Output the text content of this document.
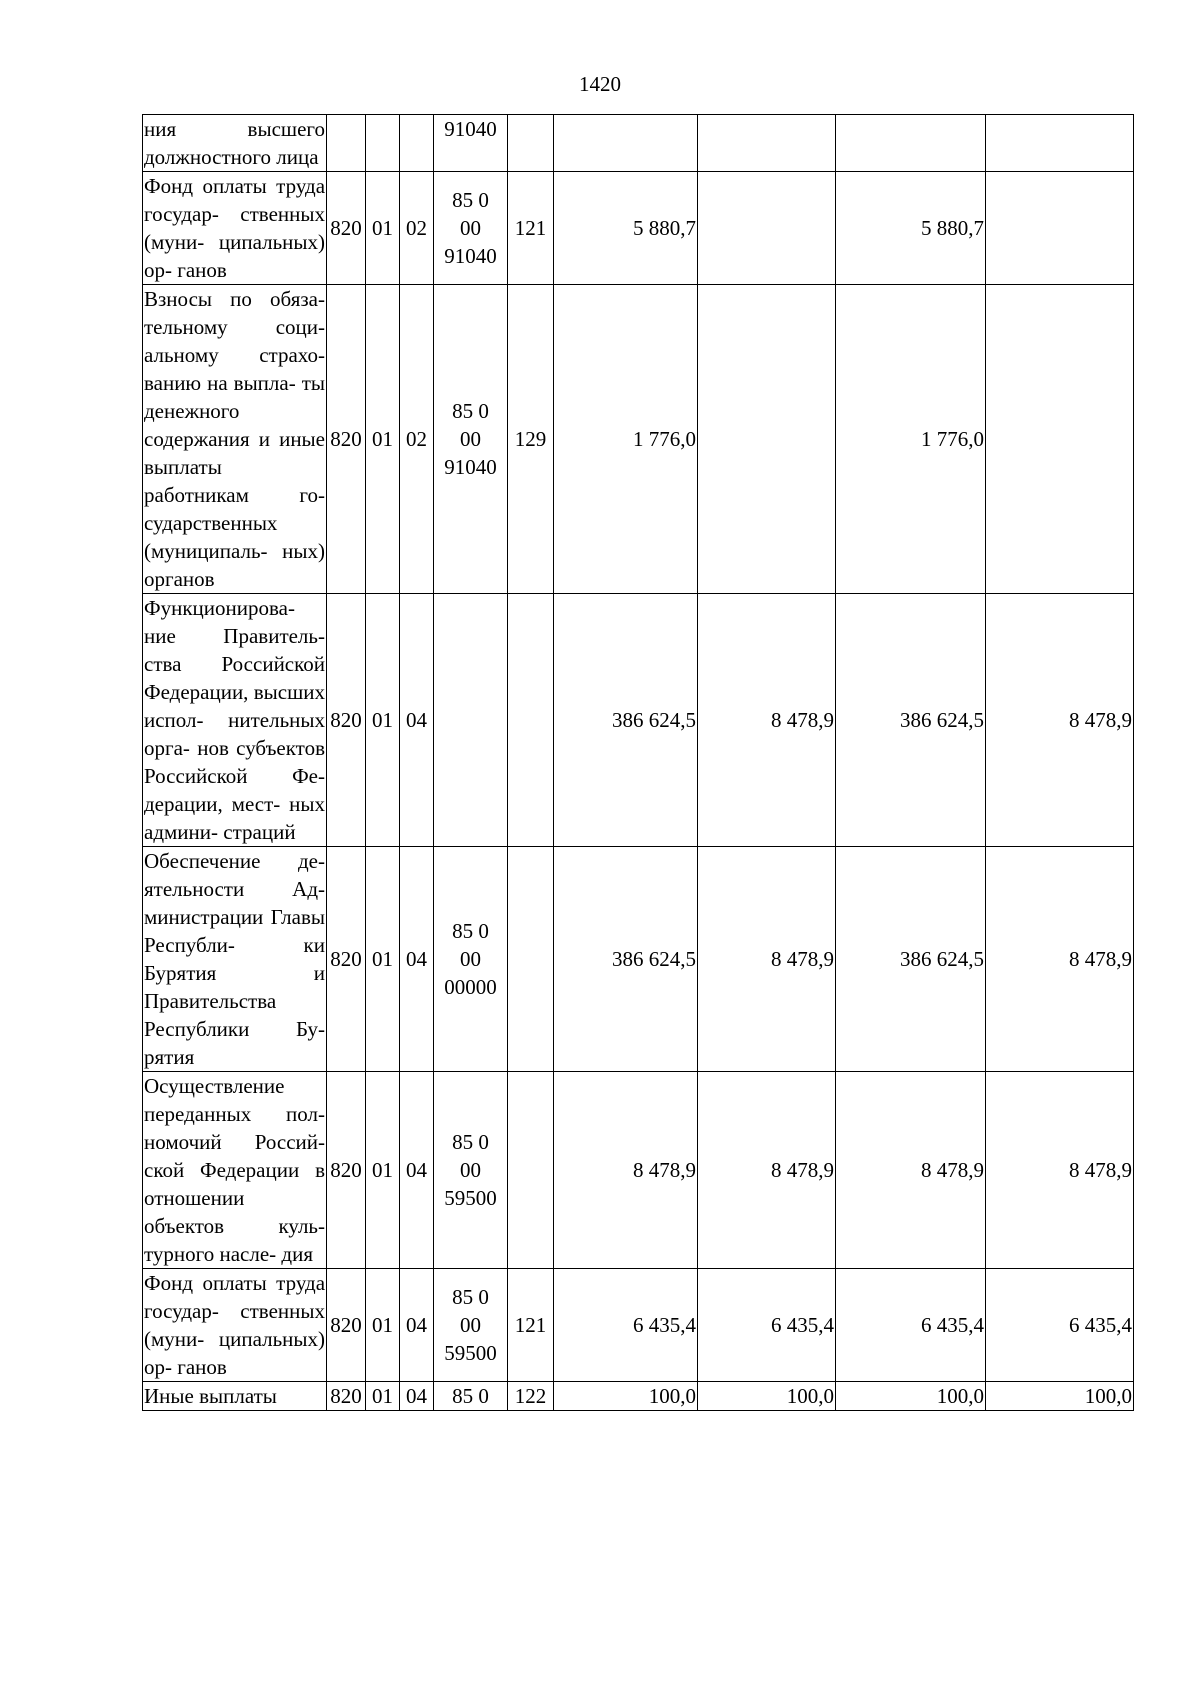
1420
ния высшего должностного лица				91040					

Фонд оплаты труда государ- ственных (муни- ципальных) ор- ганов	820	01	02	85 0
00
91040	121	5 880,7		5 880,7	
Взносы по обяза- тельному соци- альному страхо- ванию на выпла- ты денежного содержания и иные выплаты работникам го- сударственных (муниципаль- ных) органов	820	01	02	85 0
00
91040	129	1 776,0		1 776,0	
Функционирова- ние Правитель- ства Российской Федерации, высших испол- нительных орга- нов субъектов Российской Фе- дерации, мест- ных админи- страций	820	01	04			386 624,5	8 478,9	386 624,5	8 478,9
Обеспечение де- ятельности Ад- министрации Главы Республи- ки Бурятия и Правительства Республики Бу- рятия	820	01	04	85 0
00
00000		386 624,5	8 478,9	386 624,5	8 478,9
Осуществление переданных пол- номочий Россий- ской Федерации в отношении объектов куль- турного насле- дия	820	01	04	85 0
00
59500		8 478,9	8 478,9	8 478,9	8 478,9
Фонд оплаты труда государ- ственных (муни- ципальных) ор- ганов	820	01	04	85 0
00
59500	121	6 435,4	6 435,4	6 435,4	6 435,4
Иные выплаты	820	01	04	85 0	122	100,0	100,0	100,0	100,0
